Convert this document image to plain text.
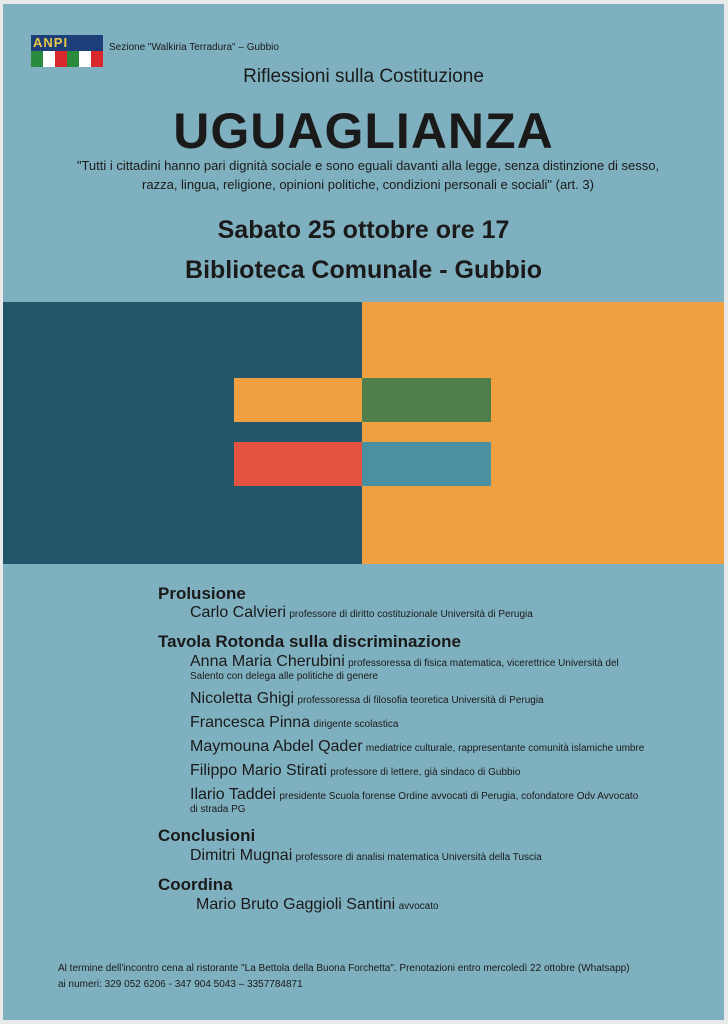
ANPI	Sezione "Walkiria Terradura" – Gubbio
Riflessioni sulla Costituzione
UGUAGLIANZA
"Tutti i cittadini hanno pari dignità sociale e sono eguali davanti alla legge, senza distinzione di sesso,
razza, lingua, religione, opinioni politiche, condizioni personali e sociali" (art. 3)
Sabato 25 ottobre ore 17
Biblioteca Comunale - Gubbio
Prolusione
Carlo Calvieri professore di diritto costituzionale Università di Perugia
Tavola Rotonda sulla discriminazione
Anna Maria Cherubini professoressa di fisica matematica, vicerettrice Università del
Salento con delega alle politiche di genere
Nicoletta Ghigi professoressa di filosofia teoretica Università di Perugia
Francesca Pinna dirigente scolastica
Maymouna Abdel Qader mediatrice culturale, rappresentante comunità islamiche umbre
Filippo Mario Stirati professore di lettere, già sindaco di Gubbio
Ilario Taddei presidente Scuola forense Ordine avvocati di Perugia, cofondatore Odv Avvocato
di strada PG
Conclusioni
Dimitri Mugnai professore di analisi matematica Università della Tuscia
Coordina
Mario Bruto Gaggioli Santini avvocato
Al termine dell'incontro cena al ristorante "La Bettola della Buona Forchetta". Prenotazioni entro mercoledì 22 ottobre (Whatsapp)
ai numeri: 329 052 6206 - 347 904 5043 – 3357784871
